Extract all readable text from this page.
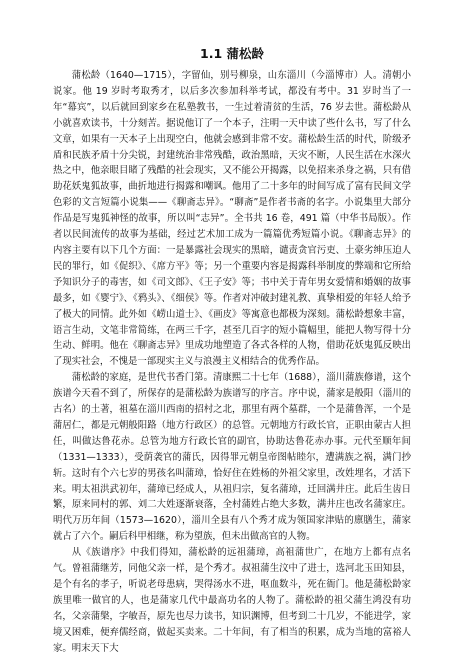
1.1 蒲松龄

蒲松龄（1640—1715），字留仙，别号柳泉，山东淄川（今淄博市）人。清朝小说家。他 19 岁时考取秀才，以后多次参加科举考试，都没有考中。31 岁时当了一年“幕宾”，以后就回到家乡在私塾教书，一生过着清贫的生活，76 岁去世。蒲松龄从小就喜欢读书，十分刻苦。据说他订了一个本子，注明一天中读了些什么书，写了什么文章，如果有一天本子上出现空白，他就会感到非常不安。蒲松龄生活的时代，阶级矛盾和民族矛盾十分尖锐，封建统治非常残酷，政治黑暗，天灾不断，人民生活在水深火热之中，他亲眼目睹了残酷的社会现实，又不能公开揭露，以免招来杀身之祸，只有借助花妖鬼狐故事，曲折地进行揭露和嘲讽。他用了二十多年的时间写成了富有民间文学色彩的文言短篇小说集——《聊斋志异》。“聊斋”是作者书斋的名字。小说集里大部分作品是写鬼狐神怪的故事，所以叫“志异”。全书共 16 卷，491 篇（中华书局版）。作者以民间流传的故事为基础，经过艺术加工成为一篇篇优秀短篇小说。《聊斋志异》的内容主要有以下几个方面：一是暴露社会现实的黑暗，谴责贪官污吏、土豪劣绅压迫人民的罪行，如《促织》、《席方平》等；另一个重要内容是揭露科举制度的弊端和它所给予知识分子的毒害，如《司文郎》、《王子安》等；书中关于青年男女爱情和婚姻的故事最多，如《婴宁》、《鸦头》、《细侯》等。作者对冲破封建礼教、真挚相爱的年轻人给予了极大的同情。此外如《崂山道士》、《画皮》等寓意也都极为深刻。蒲松龄想象丰富，语言生动，文笔非常简练，在两三千字，甚至几百字的短小篇幅里，能把人物写得十分生动、鲜明。他在《聊斋志异》里成功地塑造了各式各样的人物，借助花妖鬼狐反映出了现实社会，不愧是一部现实主义与浪漫主义相结合的优秀作品。

蒲松龄的家庭，是世代书香门第。清康熙二十七年（1688），淄川蒲族修谱，这个族谱今天看不到了，所保存的是蒲松龄为族谱写的序言。序中说，蒲家是般阳（淄川的古名）的土著，祖墓在淄川西南的招村之北，那里有两个墓群，一个是蒲鲁浑，一个是蒲居仁，都是元朝般阳路（地方行政区）的总管。元朝地方行政长官，正职由蒙古人担任，叫做达鲁花赤。总管为地方行政长官的副官，协助达鲁花赤办事。元代至顺年间（1331—1333），受荫袭官的蒲氏，因得罪元朝皇帝图帖睦尔，遭满族之祸，满门抄斩。这时有个六七岁的男孩名叫蒲璋，恰好住在姓杨的外祖父家里，改姓埋名，才活下来。明太祖洪武初年，蒲璋已经成人，从祖归宗，复名蒲璋，迁回满井庄。此后生齿日繁，原来同村的郭、刘二大姓逐渐衰落，全村蒲姓占绝大多数，满井庄也改名蒲家庄。明代万历年间（1573—1620），淄川全县有八个秀才成为领国家津贴的廪膳生，蒲家就占了六个。嗣后科甲相继，称为望族，但未出做高官的人物。

从《族谱序》中我们得知，蒲松龄的远祖蒲璋，高祖蒲世广，在地方上都有点名气。曾祖蒲继芳，同他父亲一样，是个秀才。叔祖蒲生汶中了进士，选河北玉田知县，是个有名的孝子，听说老母患病，哭得汤水不进，呕血数斗，死在衙门。他是蒲松龄家族里唯一做官的人，也是蒲家几代中最高功名的人物了。蒲松龄的祖父蒲生鸿没有功名，父亲蒲槃，字敏吾，原先也尽力读书，知识渊博，但考到二十几岁，不能进学，家境又困难，便弃儒经商，做起买卖来。二十年间，有了相当的积累，成为当地的富裕人家。明末天下大
